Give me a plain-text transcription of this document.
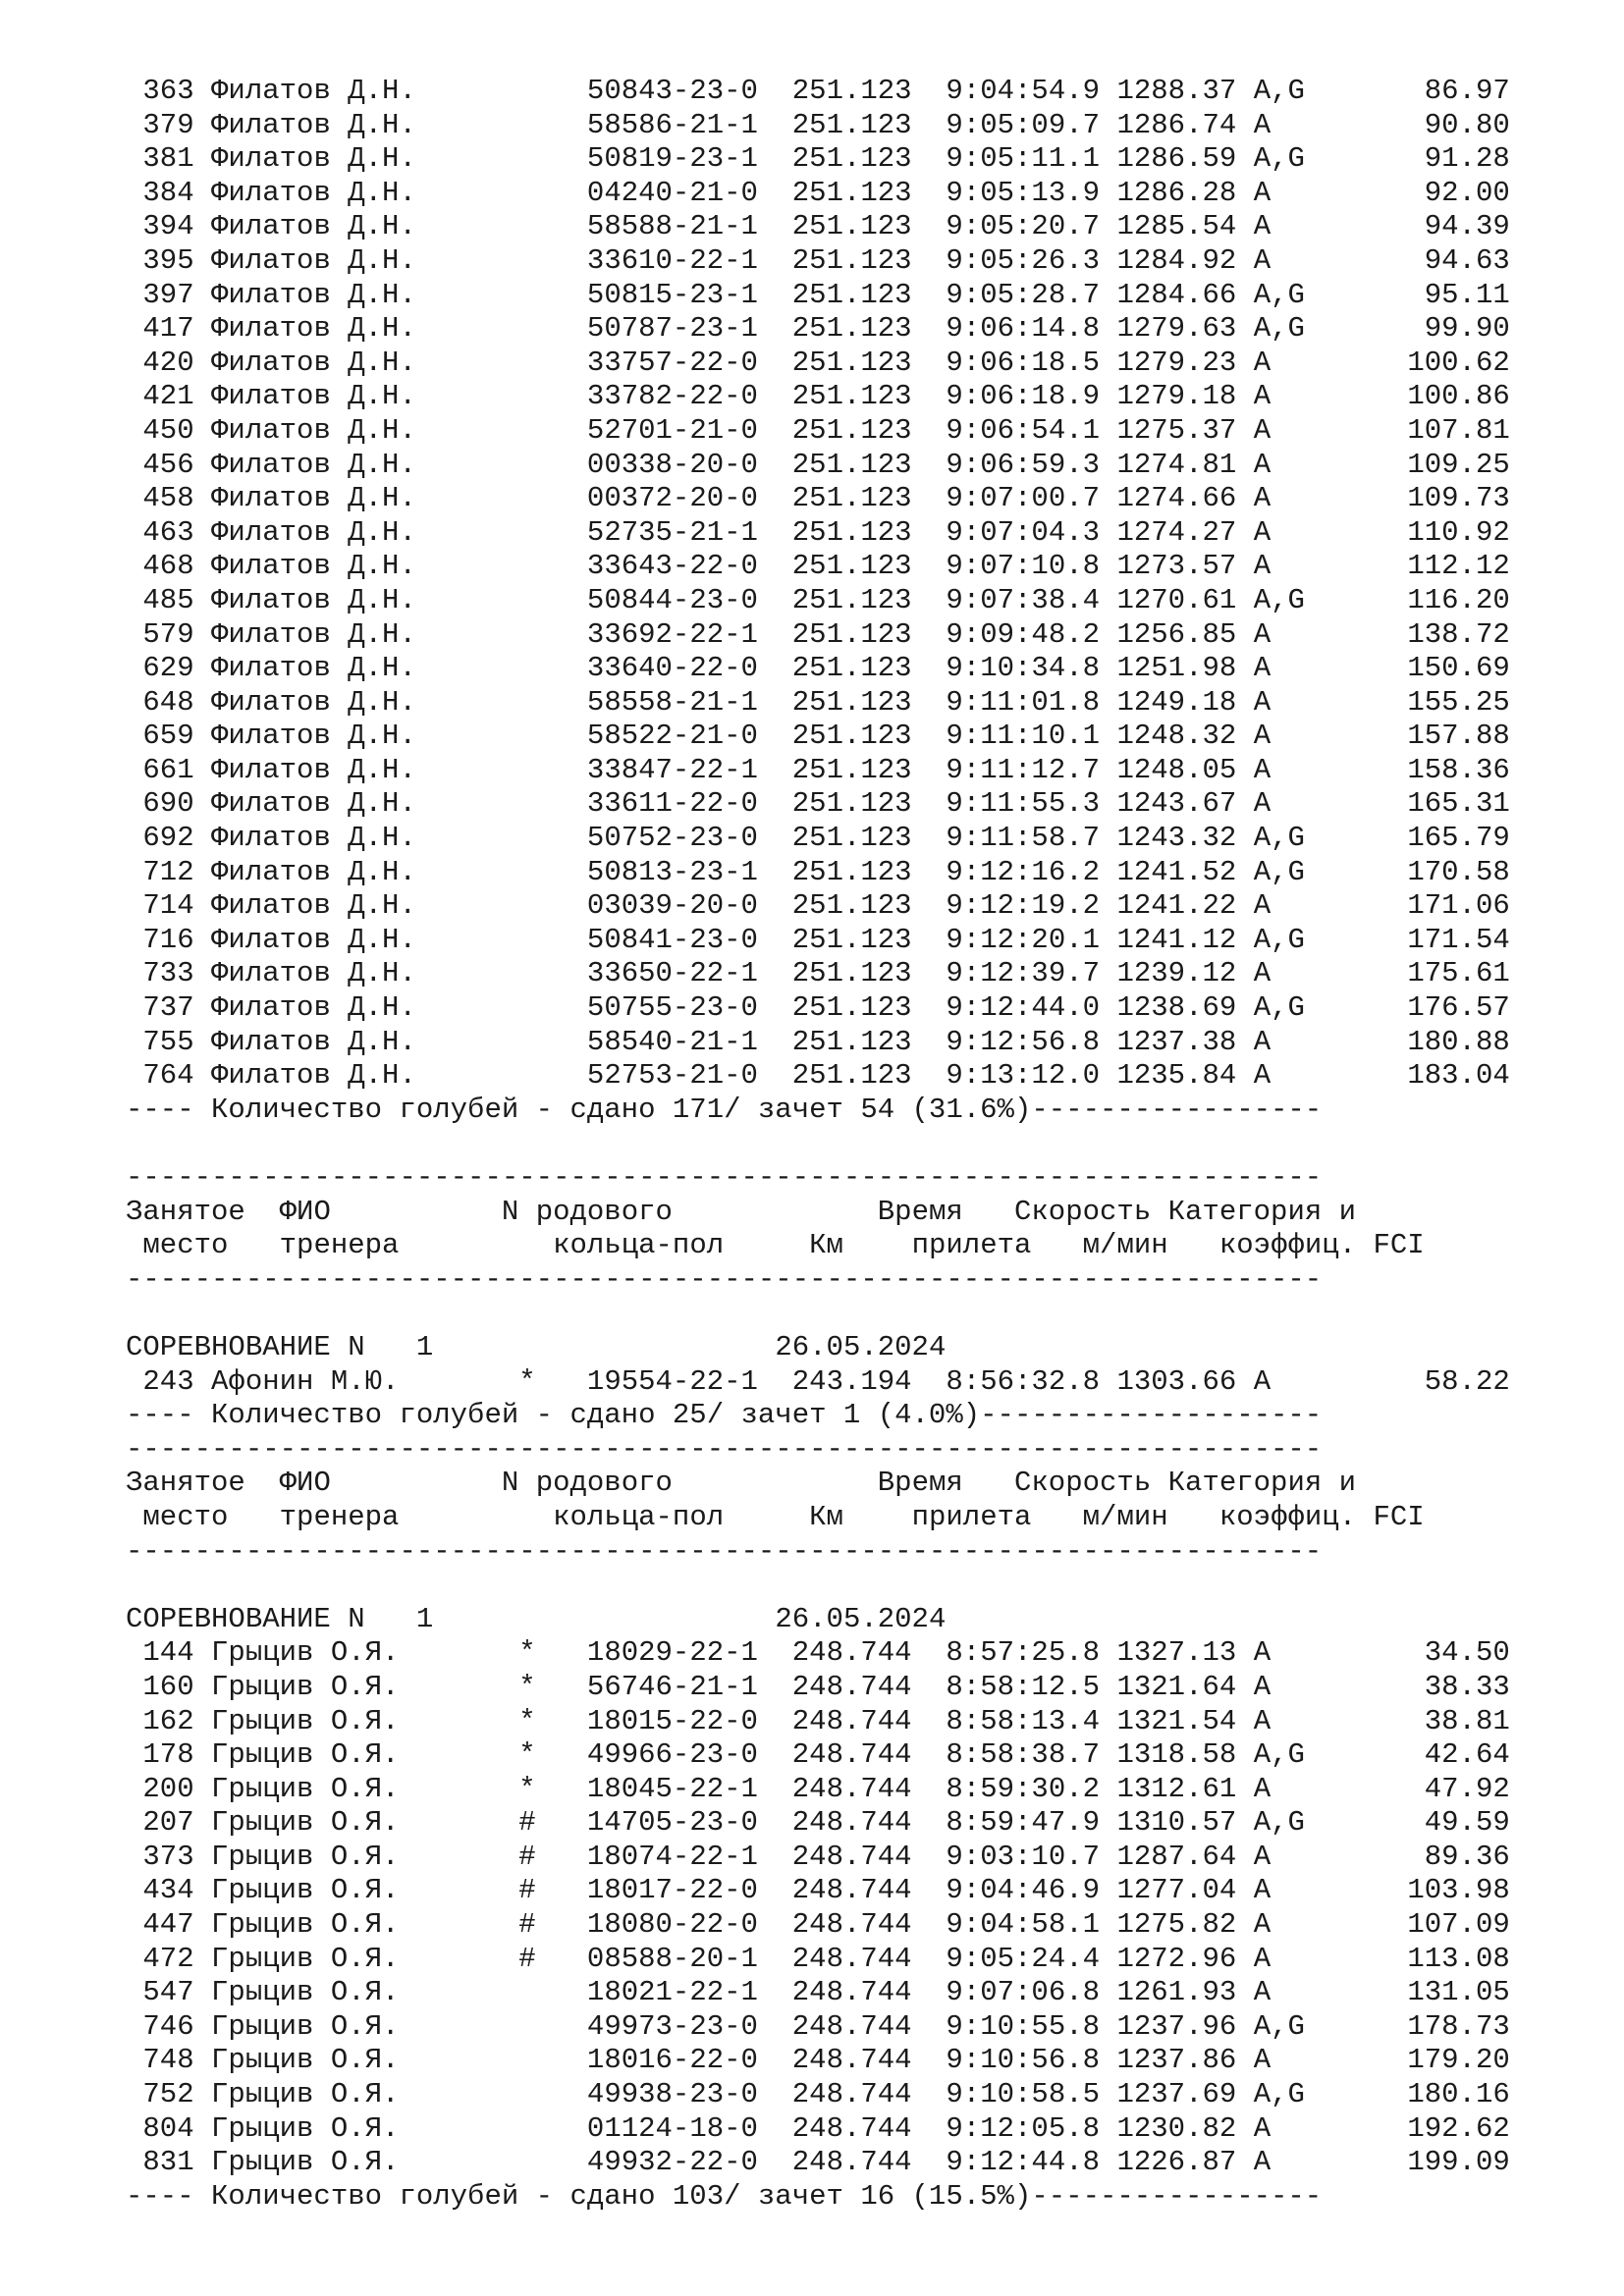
363 Филатов Д.Н.	50843-23-0 251.123 9:04:54.9 1288.37 A,G	86.97
379 Филатов Д.Н.	58586-21-1 251.123 9:05:09.7 1286.74 A	90.80
381 Филатов Д.Н.	50819-23-1 251.123 9:05:11.1 1286.59 A,G	91.28
384 Филатов Д.Н.	04240-21-0 251.123 9:05:13.9 1286.28 A	92.00
394 Филатов Д.Н.	58588-21-1 251.123 9:05:20.7 1285.54 A	94.39
395 Филатов Д.Н.	33610-22-1 251.123 9:05:26.3 1284.92 A	94.63
397 Филатов Д.Н.	50815-23-1 251.123 9:05:28.7 1284.66 A,G	95.11
417 Филатов Д.Н.	50787-23-1 251.123 9:06:14.8 1279.63 A,G	99.90
420 Филатов Д.Н.	33757-22-0 251.123 9:06:18.5 1279.23 A	100.62
421 Филатов Д.Н.	33782-22-0 251.123 9:06:18.9 1279.18 A	100.86
450 Филатов Д.Н.	52701-21-0 251.123 9:06:54.1 1275.37 A	107.81
456 Филатов Д.Н.	00338-20-0 251.123 9:06:59.3 1274.81 A	109.25
458 Филатов Д.Н.	00372-20-0 251.123 9:07:00.7 1274.66 A	109.73
463 Филатов Д.Н.	52735-21-1 251.123 9:07:04.3 1274.27 A	110.92
468 Филатов Д.Н.	33643-22-0 251.123 9:07:10.8 1273.57 A	112.12
485 Филатов Д.Н.	50844-23-0 251.123 9:07:38.4 1270.61 A,G	116.20
579 Филатов Д.Н.	33692-22-1 251.123 9:09:48.2 1256.85 A	138.72
629 Филатов Д.Н.	33640-22-0 251.123 9:10:34.8 1251.98 A	150.69
648 Филатов Д.Н.	58558-21-1 251.123 9:11:01.8 1249.18 A	155.25
659 Филатов Д.Н.	58522-21-0 251.123 9:11:10.1 1248.32 A	157.88
661 Филатов Д.Н.	33847-22-1 251.123 9:11:12.7 1248.05 A	158.36
690 Филатов Д.Н.	33611-22-0 251.123 9:11:55.3 1243.67 A	165.31
692 Филатов Д.Н.	50752-23-0 251.123 9:11:58.7 1243.32 A,G	165.79
712 Филатов Д.Н.	50813-23-1 251.123 9:12:16.2 1241.52 A,G	170.58
714 Филатов Д.Н.	03039-20-0 251.123 9:12:19.2 1241.22 A	171.06
716 Филатов Д.Н.	50841-23-0 251.123 9:12:20.1 1241.12 A,G	171.54
733 Филатов Д.Н.	33650-22-1 251.123 9:12:39.7 1239.12 A	175.61
737 Филатов Д.Н.	50755-23-0 251.123 9:12:44.0 1238.69 A,G	176.57
755 Филатов Д.Н.	58540-21-1 251.123 9:12:56.8 1237.38 A	180.88
764 Филатов Д.Н.	52753-21-0 251.123 9:13:12.0 1235.84 A	183.04
---- Количество голубей - сдано 171/ зачет 54 (31.6%)-----------------

----------------------------------------------------------------------
Занятое ФИО	N родового	Время Скорость Категория и
место тренера	кольца-пол	Км прилета м/мин коэффиц. FCI
----------------------------------------------------------------------

СОРЕВНОВАНИЕ N 1	26.05.2024
243 Афонин М.Ю.	* 19554-22-1 243.194 8:56:32.8 1303.66 A	58.22
---- Количество голубей - сдано 25/ зачет 1 (4.0%)--------------------
----------------------------------------------------------------------
Занятое ФИО	N родового	Время Скорость Категория и
место тренера	кольца-пол	Км прилета м/мин коэффиц. FCI
----------------------------------------------------------------------

СОРЕВНОВАНИЕ N 1	26.05.2024
144 Грыцив О.Я.	* 18029-22-1 248.744 8:57:25.8 1327.13 A	34.50
160 Грыцив О.Я.	* 56746-21-1 248.744 8:58:12.5 1321.64 A	38.33
162 Грыцив О.Я.	* 18015-22-0 248.744 8:58:13.4 1321.54 A	38.81
178 Грыцив О.Я.	* 49966-23-0 248.744 8:58:38.7 1318.58 A,G	42.64
200 Грыцив О.Я.	* 18045-22-1 248.744 8:59:30.2 1312.61 A	47.92
207 Грыцив О.Я.	# 14705-23-0 248.744 8:59:47.9 1310.57 A,G	49.59
373 Грыцив О.Я.	# 18074-22-1 248.744 9:03:10.7 1287.64 A	89.36
434 Грыцив О.Я.	# 18017-22-0 248.744 9:04:46.9 1277.04 A	103.98
447 Грыцив О.Я.	# 18080-22-0 248.744 9:04:58.1 1275.82 A	107.09
472 Грыцив О.Я.	# 08588-20-1 248.744 9:05:24.4 1272.96 A	113.08
547 Грыцив О.Я.	18021-22-1 248.744 9:07:06.8 1261.93 A	131.05
746 Грыцив О.Я.	49973-23-0 248.744 9:10:55.8 1237.96 A,G	178.73
748 Грыцив О.Я.	18016-22-0 248.744 9:10:56.8 1237.86 A	179.20
752 Грыцив О.Я.	49938-23-0 248.744 9:10:58.5 1237.69 A,G	180.16
804 Грыцив О.Я.	01124-18-0 248.744 9:12:05.8 1230.82 A	192.62
831 Грыцив О.Я.	49932-22-0 248.744 9:12:44.8 1226.87 A	199.09
---- Количество голубей - сдано 103/ зачет 16 (15.5%)-----------------
